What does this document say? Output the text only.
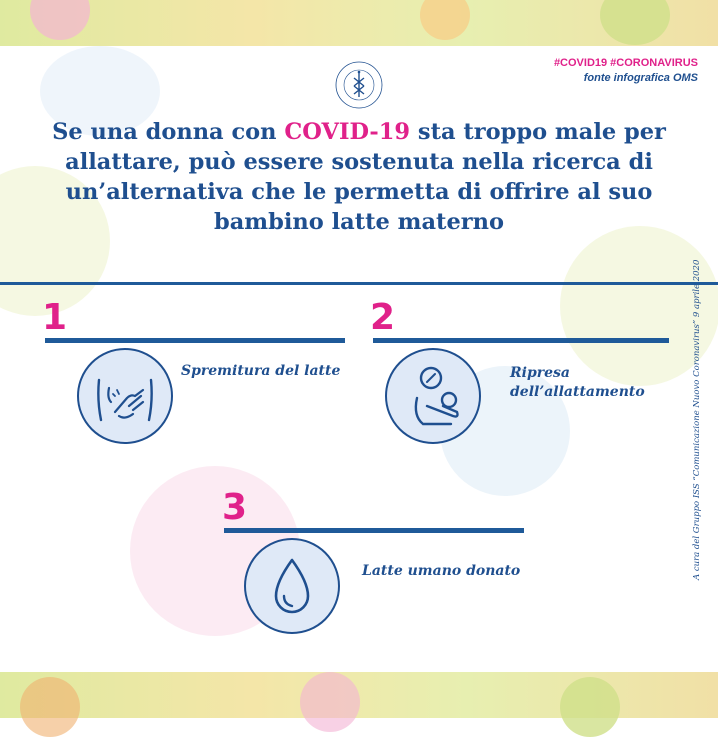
#COVID19 #CORONAVIRUS
fonte infografica OMS
Se una donna con COVID-19 sta troppo male per allattare, può essere sostenuta nella ricerca di un’alternativa che le permetta di offrire al suo bambino latte materno
1
Spremitura del latte
2
Ripresa
dell’allattamento
3
Latte umano donato	A cura del Gruppo ISS “Comunicazione Nuovo Coronavirus” 9 aprile 2020
